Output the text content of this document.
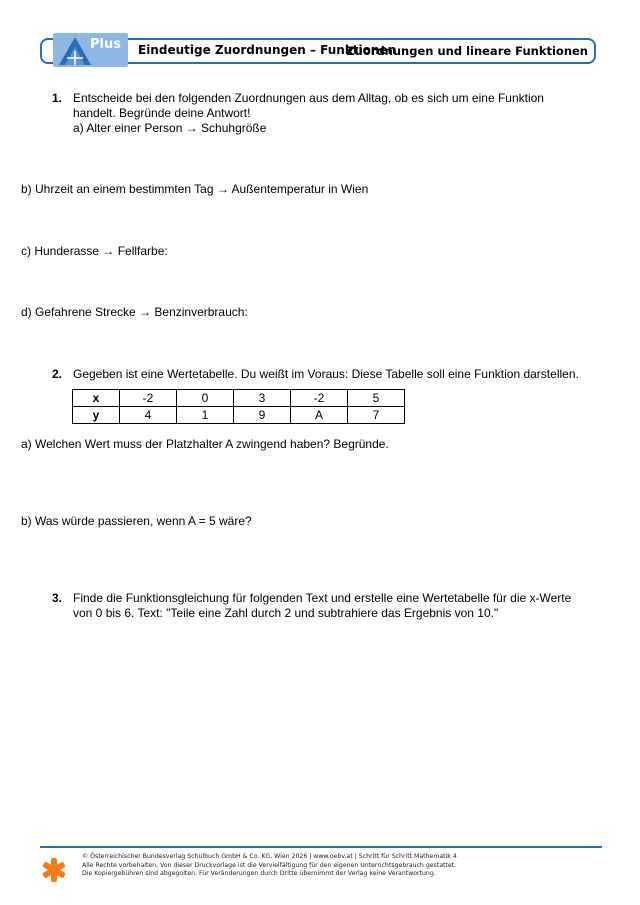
Plus Eindeutige Zuordnungen – Funktionen
Zuordnungen und lineare Funktionen
1. Entscheide bei den folgenden Zuordnungen aus dem Alltag, ob es sich um eine Funktion
handelt. Begründe deine Antwort!
a) Alter einer Person → Schuhgröße
b) Uhrzeit an einem bestimmten Tag → Außentemperatur in Wien
c) Hunderasse → Fellfarbe:
d) Gefahrene Strecke → Benzinverbrauch:
2. Gegeben ist eine Wertetabelle. Du weißt im Voraus: Diese Tabelle soll eine Funktion darstellen.
x	-2	0	3	-2	5
y	4	1	9	A	7
a) Welchen Wert muss der Platzhalter A zwingend haben? Begründe.
b) Was würde passieren, wenn A = 5 wäre?
3. Finde die Funktionsgleichung für folgenden Text und erstelle eine Wertetabelle für die x-Werte
von 0 bis 6. Text: "Teile eine Zahl durch 2 und subtrahiere das Ergebnis von 10."
© Österreichischer Bundesverlag Schulbuch GmbH & Co. KG, Wien 2026 | www.oebv.at | Schritt für Schritt Mathematik 4
Alle Rechte vorbehalten. Von dieser Druckvorlage ist die Vervielfältigung für den eigenen Unterrichtsgebrauch gestattet.
Die Kopiergebühren sind abgegolten. Für Veränderungen durch Dritte übernimmt der Verlag keine Verantwortung.
